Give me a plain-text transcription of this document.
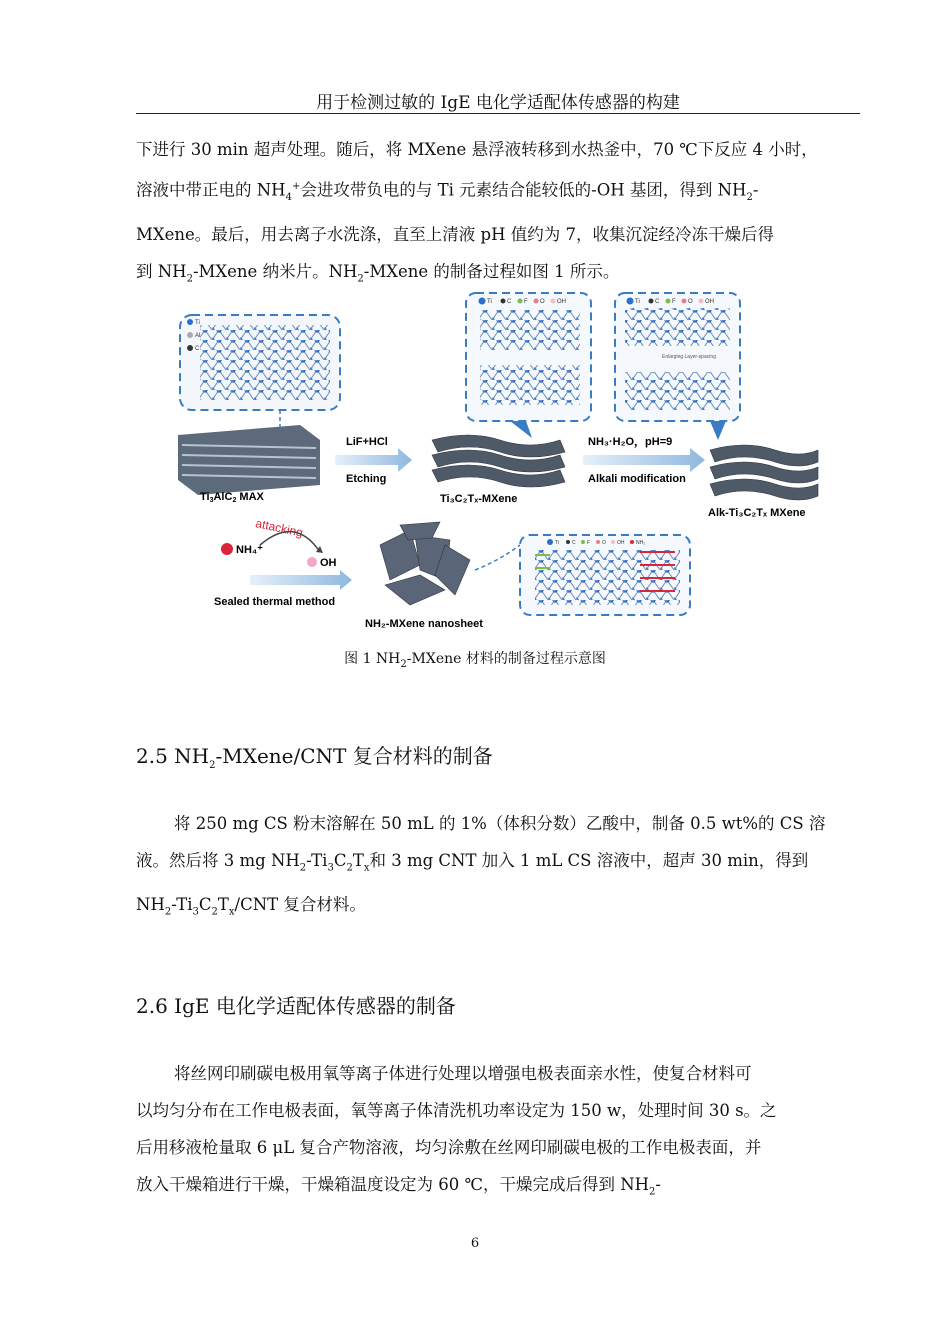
用于检测过敏的 IgE 电化学适配体传感器的构建
下进行 30 min 超声处理。随后，将 MXene 悬浮液转移到水热釜中，70 ℃下反应 4 小时，
溶液中带正电的 $NH_4^+$会进攻带负电的与 Ti 元素结合能较低的-OH 基团，得到 $NH_2-$
MXene。最后，用去离子水洗涤，直至上清液 pH 值约为 7，收集沉淀经冷冻干燥后得
到 $NH_2$-MXene 纳米片。$NH_2$-MXene 的制备过程如图 1 所示。
Ti
Al
C
Ti3AlC2 MAX
LiF+HCl
Etching
Ti₃C₂Tₓ-MXene
Ti	C F O OH
NH₃·H₂O，pH=9
Alkali modification
Enlarging Layer-spacing
Ti	C F O OH
Alk-Ti₃C₂Tₓ MXene
attacking
NH₄⁺
OH
Sealed thermal method
NH₂-MXene nanosheet
Ti	C F O OH NH₂
图 1 $NH_2$-MXene 材料的制备过程示意图
2.5 $NH_2-MXene$/CNT 复合材料的制备
将 250 mg CS 粉末溶解在 50 mL 的 1%（体积分数）乙酸中，制备 0.5 wt%的 CS 溶
液。然后将 3 mg $NH_2-Ti_3C_2T_x$和 3 mg CNT 加入 1 mL CS 溶液中，超声 30 min，得到
$NH_2-Ti_3C_2T_x$/CNT 复合材料。
2.6 IgE 电化学适配体传感器的制备
将丝网印刷碳电极用氧等离子体进行处理以增强电极表面亲水性，使复合材料可
以均匀分布在工作电极表面，氧等离子体清洗机功率设定为 150 w，处理时间 30 s。之
后用移液枪量取 6 μL 复合产物溶液，均匀涂敷在丝网印刷碳电极的工作电极表面，并
放入干燥箱进行干燥，干燥箱温度设定为 60 ℃，干燥完成后得到 $NH_2-$
6
